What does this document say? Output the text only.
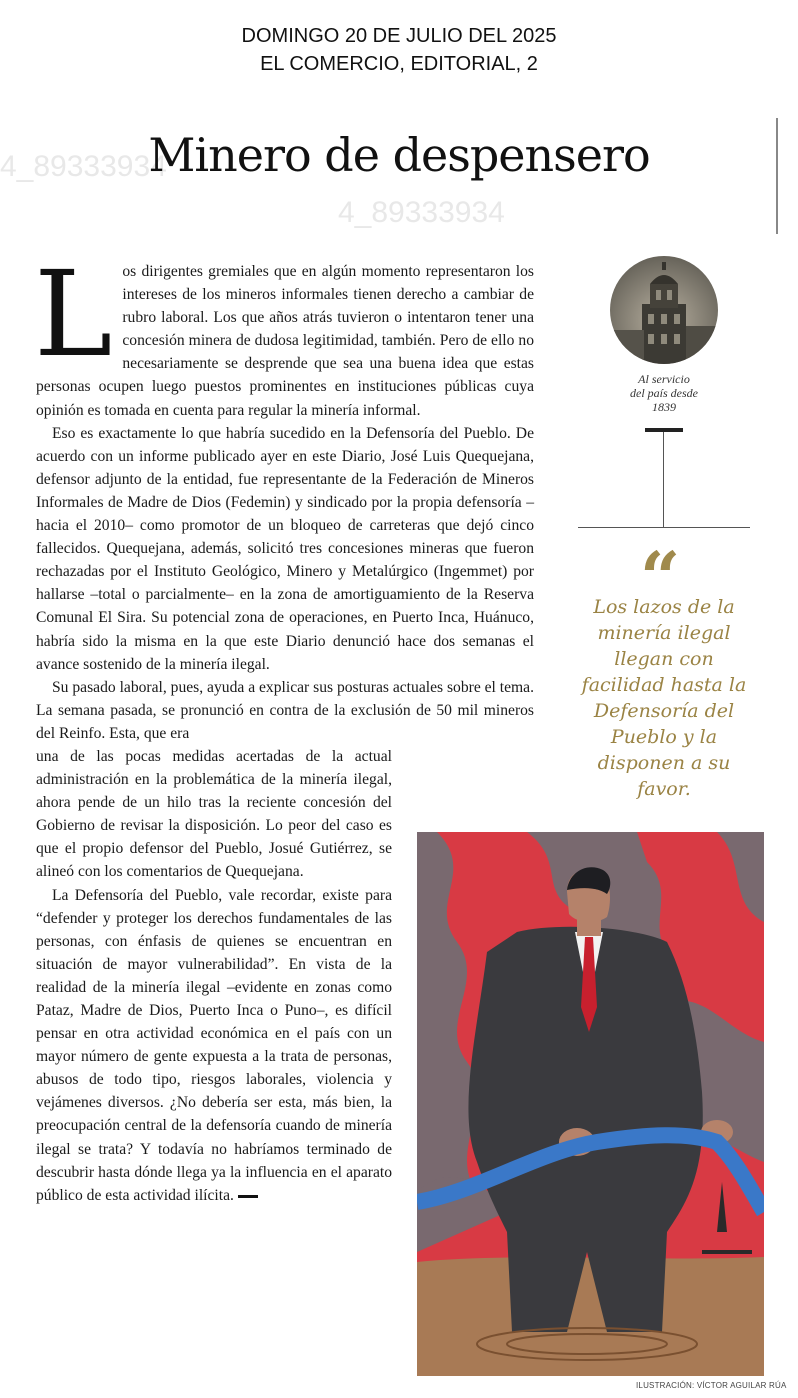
DOMINGO 20 DE JULIO DEL 2025
EL COMERCIO, EDITORIAL, 2
4_89333934
4_89333934
Minero de despensero

Los dirigentes gremiales que en algún momento representaron los intereses de los mineros informales tienen derecho a cambiar de rubro laboral. Los que años atrás tuvieron o intentaron tener una concesión minera de dudosa legitimidad, también. Pero de ello no necesariamente se desprende que sea una buena idea que estas personas ocupen luego puestos prominentes en instituciones públicas cuya opinión es tomada en cuenta para regular la minería informal.

Eso es exactamente lo que habría sucedido en la Defensoría del Pueblo. De acuerdo con un informe publicado ayer en este Diario, José Luis Quequejana, defensor adjunto de la entidad, fue representante de la Federación de Mineros Informales de Madre de Dios (Fedemin) y sindicado por la propia defensoría –hacia el 2010– como promotor de un bloqueo de carreteras que dejó cinco fallecidos. Quequejana, además, solicitó tres concesiones mineras que fueron rechazadas por el Instituto Geológico, Minero y Metalúrgico (Ingemmet) por hallarse –total o parcialmente– en la zona de amortiguamiento de la Reserva Comunal El Sira. Su potencial zona de operaciones, en Puerto Inca, Huánuco, habría sido la misma en la que este Diario denunció hace dos semanas el avance sostenido de la minería ilegal.

Su pasado laboral, pues, ayuda a explicar sus posturas actuales sobre el tema. La semana pasada, se pronunció en contra de la exclusión de 50 mil mineros del Reinfo. Esta, que era

una de las pocas medidas acertadas de la actual administración en la problemática de la minería ilegal, ahora pende de un hilo tras la reciente concesión del Gobierno de revisar la disposición. Lo peor del caso es que el propio defensor del Pueblo, Josué Gutiérrez, se alineó con los comentarios de Quequejana.

La Defensoría del Pueblo, vale recordar, existe para “defender y proteger los derechos fundamentales de las personas, con énfasis de quienes se encuentran en situación de mayor vulnerabilidad”. En vista de la realidad de la minería ilegal –evidente en zonas como Pataz, Madre de Dios, Puerto Inca o Puno–, es difícil pensar en otra actividad económica en el país con un mayor número de gente expuesta a la trata de personas, abusos de todo tipo, riesgos laborales, violencia y vejámenes diversos. ¿No debería ser esta, más bien, la preocupación central de la defensoría cuando de minería ilegal se trata? Y todavía no habríamos terminado de descubrir hasta dónde llega ya la influencia en el aparato público de esta actividad ilícita.

Al servicio
del país desde
1839
“
Los lazos de la minería ilegal llegan con facilidad hasta la Defensoría del Pueblo y la disponen a su favor.
ILUSTRACIÓN: VÍCTOR AGUILAR RÚA
